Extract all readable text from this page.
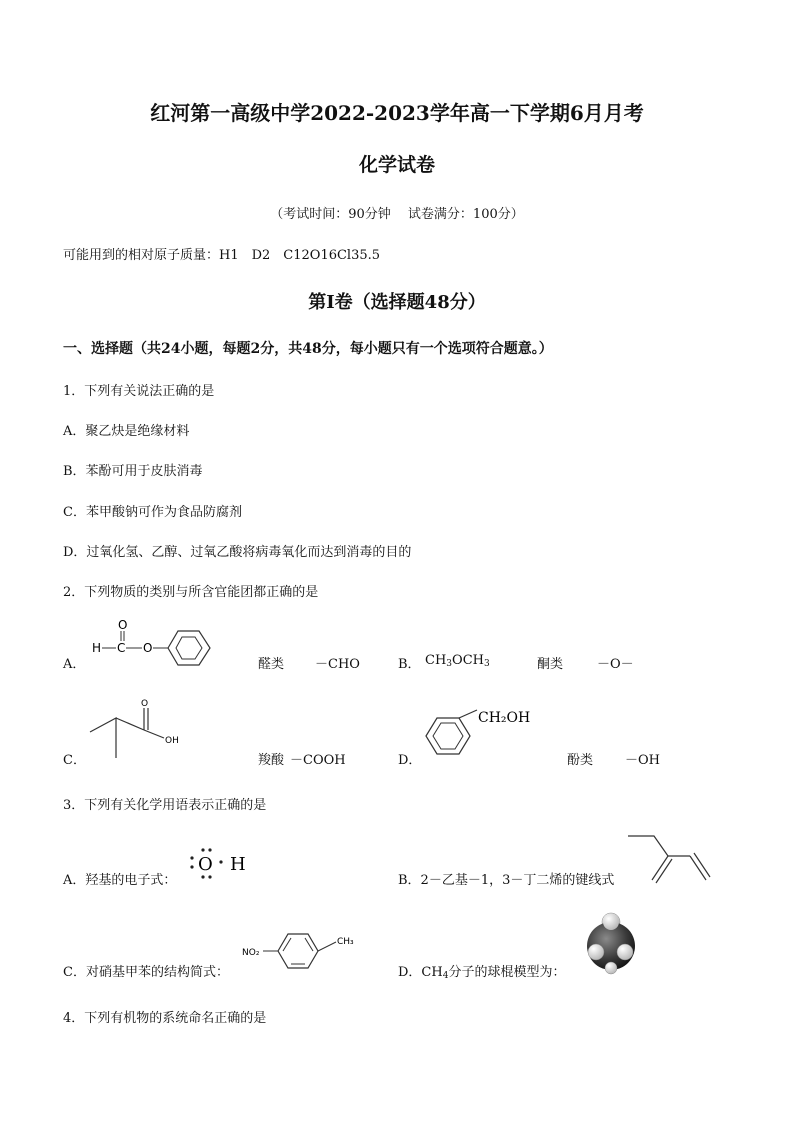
红河第一高级中学2022-2023学年高一下学期6月月考
化学试卷
（考试时间：90分钟　 试卷满分：100分）
可能用到的相对原子质量：H1　D2　C12O16Cl35.5
第Ⅰ卷（选择题48分）
一、选择题（共24小题，每题2分，共48分，每小题只有一个选项符合题意。）
1．下列有关说法正确的是
A．聚乙炔是绝缘材料
B．苯酚可用于皮肤消毒
C．苯甲酸钠可作为食品防腐剂
D．过氧化氢、乙醇、过氧乙酸将病毒氧化而达到消毒的目的
2．下列物质的类别与所含官能团都正确的是
A．
H C
O
O
醛类 －CHO	B． $CH_3OCH_3$	酮类	－O－
C．
O
OH
羧酸 －COOH	D．
CH₂OH
酚类 －OH
3．下列有关化学用语表示正确的是
A．羟基的电子式：
O H
B．2－乙基－1，3－丁二烯的键线式
C．对硝基甲苯的结构简式：
NO₂
CH₃
D．$CH_4$分子的球棍模型为：
4．下列有机物的系统命名正确的是
